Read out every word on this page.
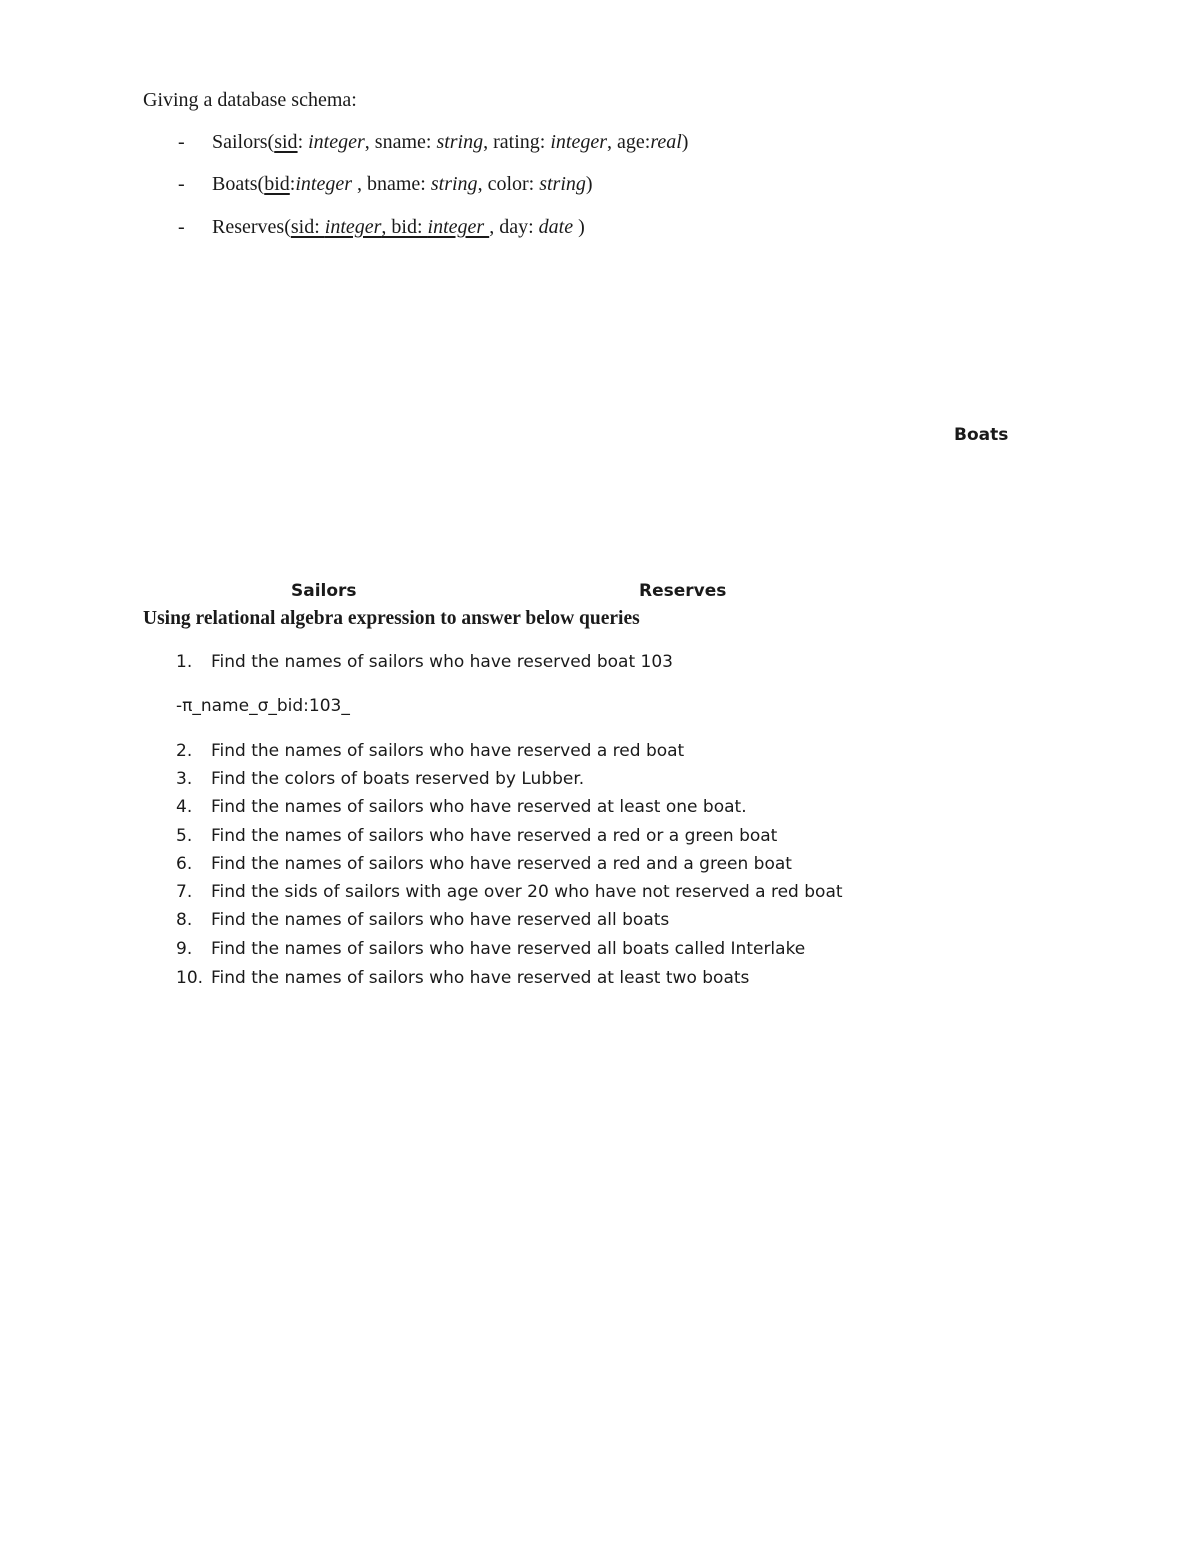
Giving a database schema:
- Sailors(sid: integer, sname: string, rating: integer, age:real)
- Boats(bid:integer , bname: string, color: string)
- Reserves(sid: integer, bid: integer , day: date )
Boats
Sailors	Reserves
Using relational algebra expression to answer below queries
1.	Find the names of sailors who have reserved boat 103
-π_name_σ_bid:103_
2.	Find the names of sailors who have reserved a red boat
3.	Find the colors of boats reserved by Lubber.
4.	Find the names of sailors who have reserved at least one boat.
5.	Find the names of sailors who have reserved a red or a green boat
6.	Find the names of sailors who have reserved a red and a green boat
7.	Find the sids of sailors with age over 20 who have not reserved a red boat
8.	Find the names of sailors who have reserved all boats
9.	Find the names of sailors who have reserved all boats called Interlake
10. Find the names of sailors who have reserved at least two boats
